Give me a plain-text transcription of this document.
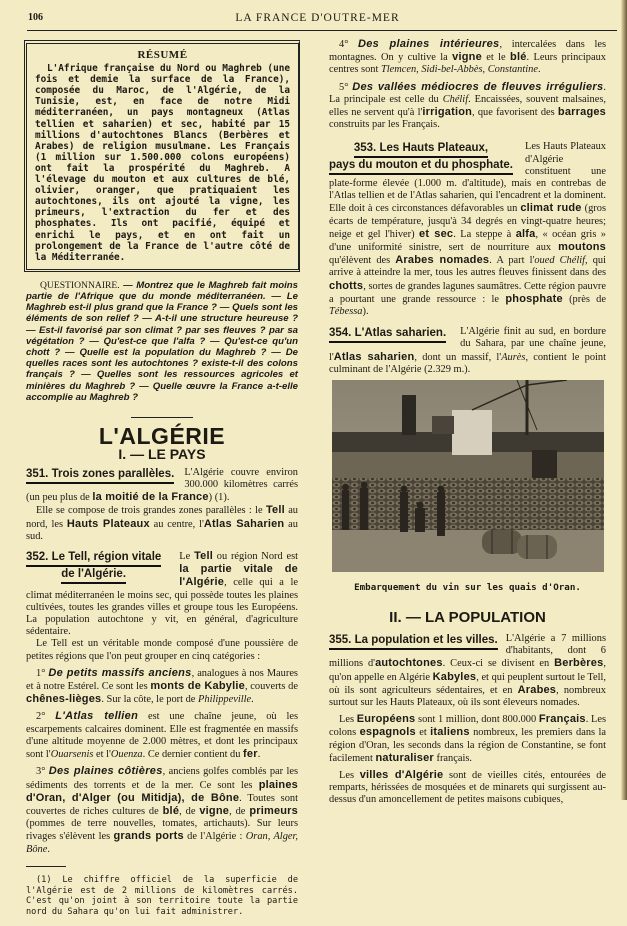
106	LA FRANCE D'OUTRE-MER
RÉSUMÉ

L'Afrique française du Nord ou Maghreb (une fois et demie la surface de la France), composée du Maroc, de l'Algérie, de la Tunisie, est, en face de notre Midi méditerranéen, un pays montagneux (Atlas tellien et saharien) et sec, habité par 15 millions d'autochtones Blancs (Berbères et Arabes) de religion musulmane. Les Français (1 million sur 1.500.000 colons européens) ont fait la prospérité du Maghreb. A l'élevage du mouton et aux cultures de blé, olivier, oranger, que pratiquaient les autochtones, ils ont ajouté la vigne, les primeurs, l'extraction du fer et des phosphates. Ils ont pacifié, équipé et enrichi le pays, et en ont fait un prolongement de la France de l'autre côté de la Méditerranée.

QUESTIONNAIRE. — Montrez que le Maghreb fait moins partie de l'Afrique que du monde méditerranéen. — Le Maghreb est-il plus grand que la France ? — Quels sont les éléments de son relief ? — A-t-il une structure heureuse ? — Est-il favorisé par son climat ? par ses fleuves ? par sa végétation ? — Qu'est-ce que l'alfa ? — Qu'est-ce qu'un chott ? — Quelle est la population du Maghreb ? — De quelles races sont les autochtones ? existe-t-il des colons français ? — Quelles sont les ressources agricoles et minières du Maghreb ? — Quelle œuvre la France a-t-elle accomplie au Maghreb ?

L'ALGÉRIE
I. — LE PAYS
351. Trois zones parallèles. L'Algérie couvre environ 300.000 kilomètres carrés (un peu plus de la moitié de la France) (1).

Elle se compose de trois grandes zones parallèles : le Tell au nord, les Hauts Plateaux au centre, l'Atlas Saharien au sud.

352. Le Tell, région vitale
de l'Algérie.

Le Tell ou région Nord est la partie vitale de l'Algérie, celle qui a le climat méditerranéen le moins sec, qui possède toutes les plaines cultivées, toutes les grandes villes et groupe tous les Européens. La population autochtone y vit, en général, d'agriculture sédentaire.

Le Tell est un véritable monde composé d'une poussière de petites régions que l'on peut grouper en cinq catégories :

1° De petits massifs anciens, analogues à nos Maures et à notre Estérel. Ce sont les monts de Kabylie, couverts de chênes-lièges. Sur la côte, le port de Philippeville.

2° L'Atlas tellien est une chaîne jeune, où les escarpements calcaires dominent. Elle est fragmentée en massifs d'une altitude moyenne de 2.000 mètres, et dont les principaux sont l'Ouarsenis et l'Ouenza. Ce dernier contient du fer.

3° Des plaines côtières, anciens golfes comblés par les sédiments des torrents et de la mer. Ce sont les plaines d'Oran, d'Alger (ou Mitidja), de Bône. Toutes sont couvertes de riches cultures de blé, de vigne, de primeurs (pommes de terre nouvelles, tomates, artichauts). Sur leurs rivages s'élèvent les grands ports de l'Algérie : Oran, Alger, Bône.

(1) Le chiffre officiel de la superficie de l'Algérie est de 2 millions de kilomètres carrés. C'est qu'on joint à son territoire toute la partie nord du Sahara qu'on lui fait administrer.

4° Des plaines intérieures, intercalées dans les montagnes. On y cultive la vigne et le blé. Leurs principaux centres sont Tlemcen, Sidi-bel-Abbès, Constantine.

5° Des vallées médiocres de fleuves irréguliers. La principale est celle du Chélif. Encaissées, souvent malsaines, elles ne servent qu'à l'irrigation, que favorisent des barrages construits par les Français.

353. Les Hauts Plateaux,
pays du mouton et du phosphate.

Les Hauts Plateaux d'Algérie constituent une plate-forme élevée (1.000 m. d'altitude), mais en contrebas de l'Atlas tellien et de l'Atlas saharien, qui l'encadrent et la dominent. Elle doit à ces circonstances défavorables un climat rude (gros écarts de température, jusqu'à 34 degrés en vingt-quatre heures; neige et gel l'hiver) et sec. La steppe à alfa, « océan gris » d'une uniformité sinistre, sert de nourriture aux moutons qu'élèvent des Arabes nomades. A part l'oued Chélif, qui arrive à atteindre la mer, tous les autres fleuves finissent dans des chotts, sortes de grandes lagunes saumâtres. Cette région pauvre a pourtant une grande ressource : le phosphate (près de Tébessa).

354. L'Atlas saharien.	L'Algérie finit au sud, en bordure du Sahara, par une chaîne jeune, l'Atlas saharien, dont un massif, l'Aurès, contient le point culminant de l'Algérie (2.329 m.).

Embarquement du vin sur les quais d'Oran.
II. — LA POPULATION
355. La population et les villes. L'Algérie a 7 millions d'habitants, dont 6 millions d'autochtones. Ceux-ci se divisent en Berbères, qu'on appelle en Algérie Kabyles, et qui peuplent surtout le Tell, où ils sont agriculteurs sédentaires, et en Arabes, nombreux surtout sur les Hauts Plateaux, où ils sont éleveurs nomades.

Les Européens sont 1 million, dont 800.000 Français. Les colons espagnols et italiens nombreux, les premiers dans la région d'Oran, les seconds dans la région de Constantine, se font facilement naturaliser français.

Les villes d'Algérie sont de vieilles cités, entourées de remparts, hérissées de mosquées et de minarets qui surgissent au-dessus d'un amoncellement de petites maisons cubiques,
